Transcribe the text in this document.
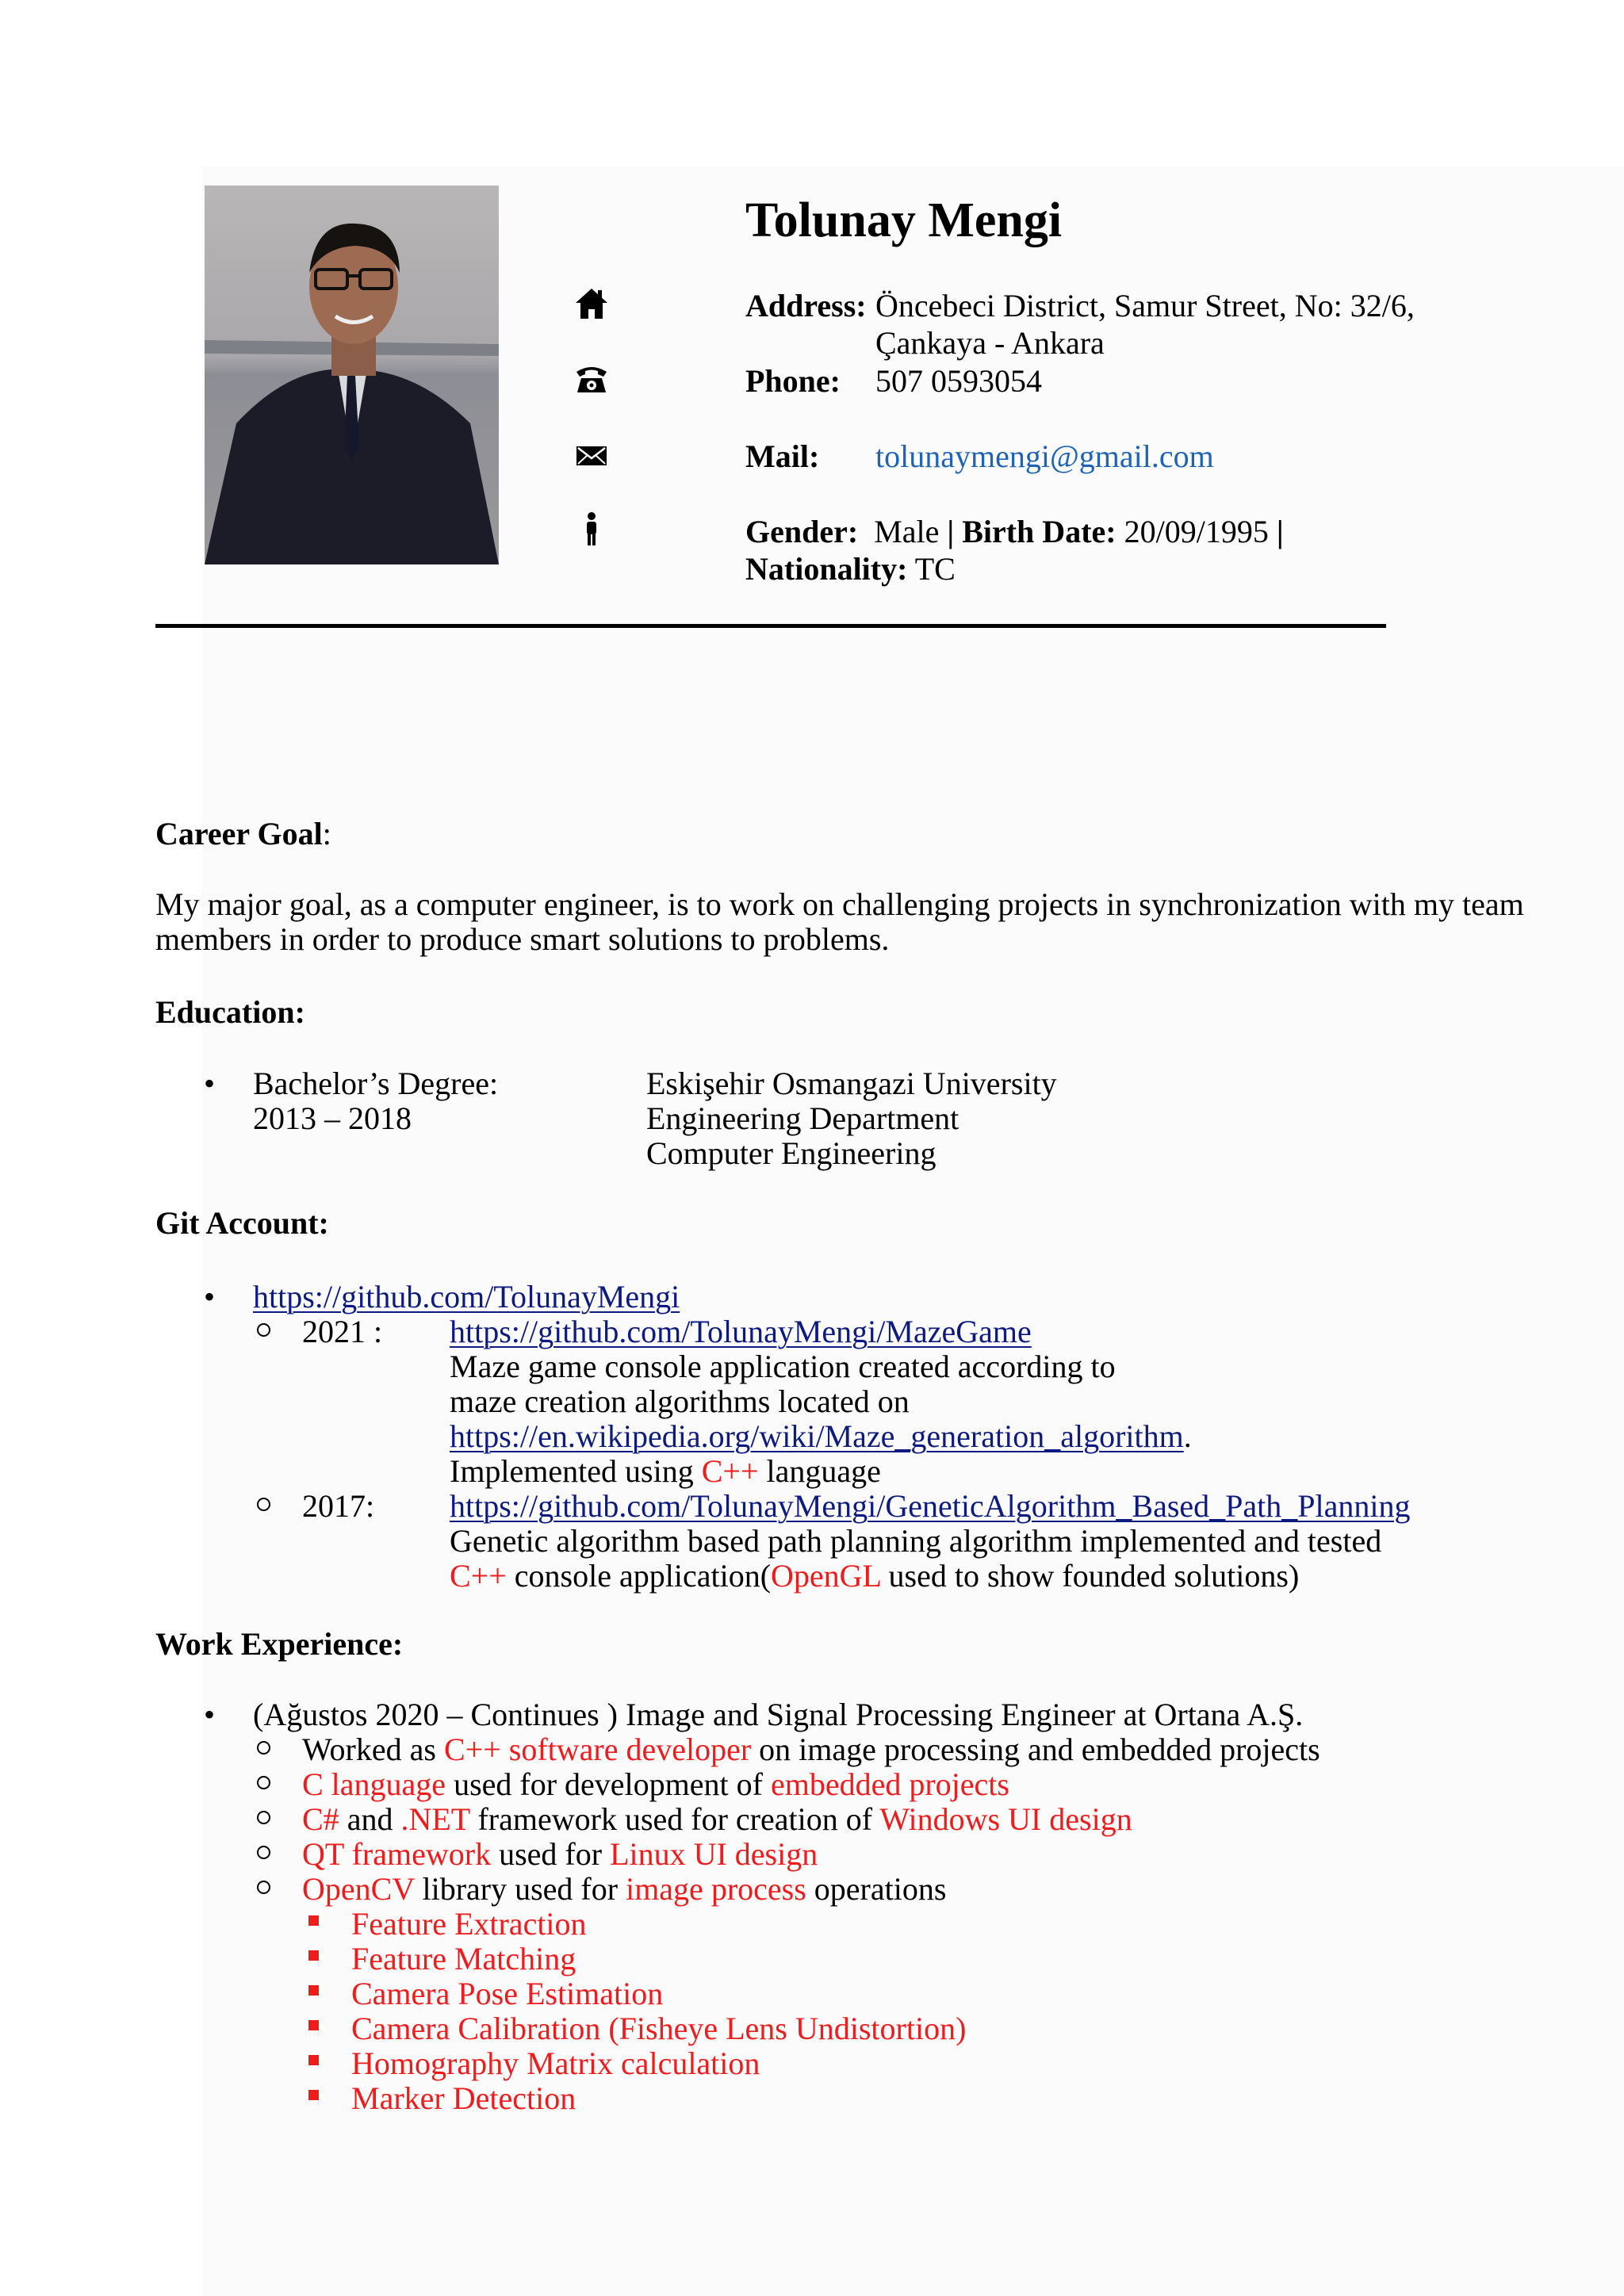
Tolunay Mengi
Address: Öncebeci District, Samur Street, No: 32/6,
Çankaya - Ankara
Phone: 507 0593054
Mail: tolunaymengi@gmail.com
Gender: Male | Birth Date: 20/09/1995 |
Nationality: TC
Career Goal:
My major goal, as a computer engineer, is to work on challenging projects in synchronization with my team
members in order to produce smart solutions to problems.
Education:
• Bachelor’s Degree:
2013 – 2018
Eskişehir Osmangazi University
Engineering Department
Computer Engineering
Git Account:
• https://github.com/TolunayMengi
2021 : https://github.com/TolunayMengi/MazeGame
Maze game console application created according to
maze creation algorithms located on
https://en.wikipedia.org/wiki/Maze_generation_algorithm.
Implemented using C++ language
2017: https://github.com/TolunayMengi/GeneticAlgorithm_Based_Path_Planning
Genetic algorithm based path planning algorithm implemented and tested
C++ console application(OpenGL used to show founded solutions)
Work Experience:
• (Ağustos 2020 – Continues ) Image and Signal Processing Engineer at Ortana A.Ş.
Worked as C++ software developer on image processing and embedded projects
C language used for development of embedded projects
C# and .NET framework used for creation of Windows UI design
QT framework used for Linux UI design
OpenCV library used for image process operations
Feature Extraction
Feature Matching
Camera Pose Estimation
Camera Calibration (Fisheye Lens Undistortion)
Homography Matrix calculation
Marker Detection
